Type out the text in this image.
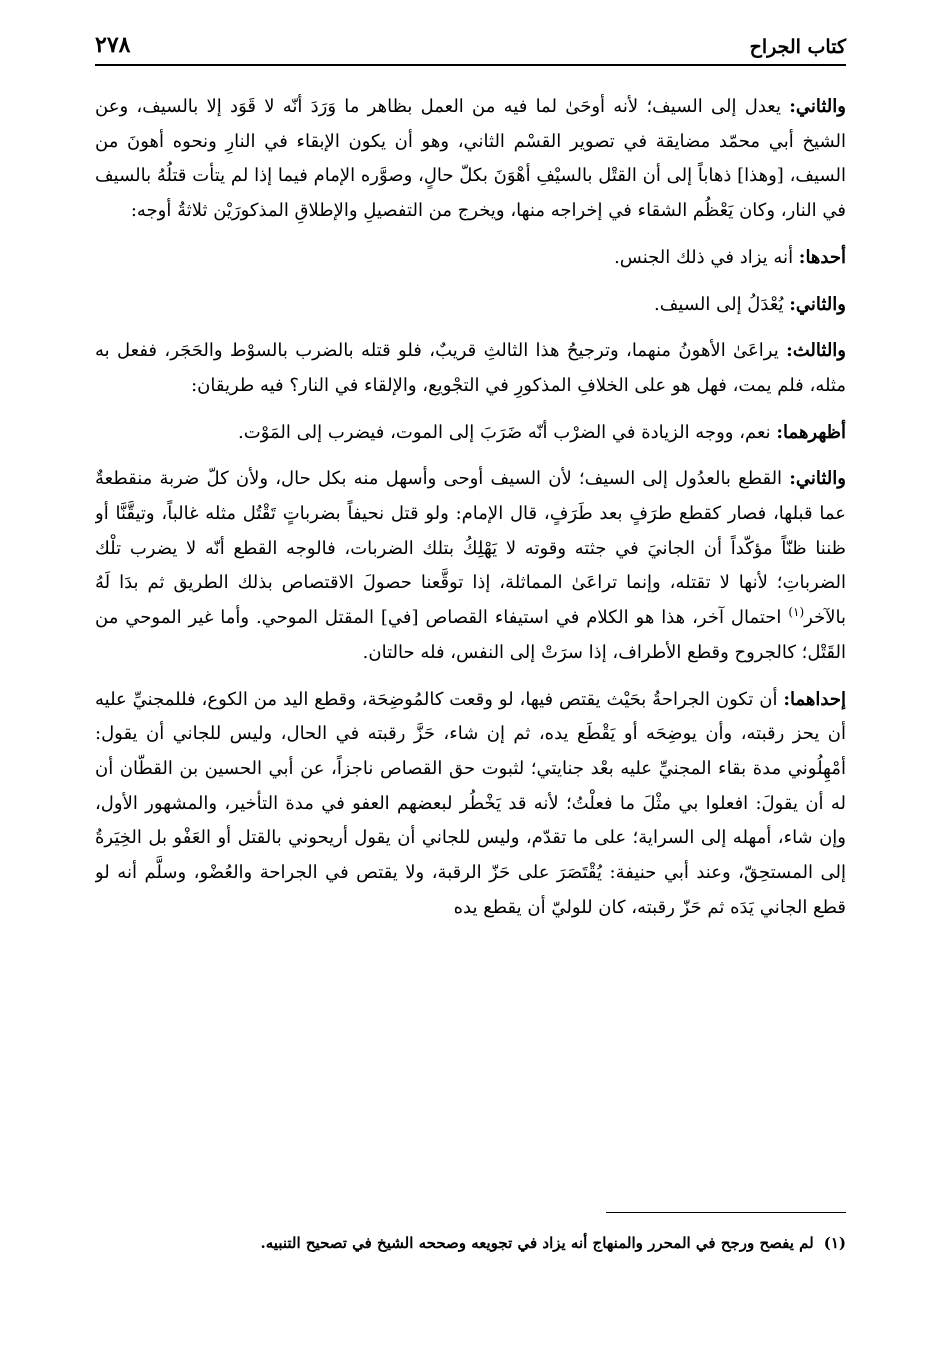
كتاب الجراح
٢٧٨

والثاني: يعدل إلى السيف؛ لأنه أوحَىٰ لما فيه من العمل بظاهر ما وَرَدَ أنّه لا قَوَد إلا بالسيف، وعن الشيخ أبي محمّد مضايقة في تصوير القسْم الثاني، وهو أن يكون الإبقاء في النارِ ونحوه أهونَ من السيف، [وهذا] ذهاباً إلى أن القتْل بالسيْفِ أهْوَنَ بكلّ حالٍ، وصوَّره الإمام فيما إذا لم يتأت قتلُهُ بالسيف في النار، وكان يَعْظُم الشقاء في إخراجه منها، ويخرج من التفصيلِ والإطلاقِ المذكورَيْن ثلاثةُ أوجه:

أحدها: أنه يزاد في ذلك الجنس.

والثاني: يُعْدَلُ إلى السيف.

والثالث: يراعَىٰ الأهونُ منهما، وترجيحُ هذا الثالثِ قريبٌ، فلو قتله بالضرب بالسوْط والحَجَر، ففعل به مثله، فلم يمت، فهل هو على الخلافِ المذكورِ في التجْويع، والإلقاء في النار؟ فيه طريقان:

أظهرهما: نعم، ووجه الزيادة في الضرْب أنّه ضَرَبَ إلى الموت، فيضرب إلى المَوْت.

والثاني: القطع بالعدُول إلى السيف؛ لأن السيف أوحى وأسهل منه بكل حال، ولأن كلّ ضربة منقطعةٌ عما قبلها، فصار كقطع طرَفٍ بعد طَرَفٍ، قال الإمام: ولو قتل نحيفاً بضرباتٍ تَقْتُل مثله غالباً، وتيقَّنَّا أو ظننا ظنّاً مؤكّداً أن الجانيَ في جثته وقوته لا يَهْلِكُ بتلك الضربات، فالوجه القطع أنّه لا يضرب تلْك الضرباتِ؛ لأنها لا تقتله، وإنما تراعَىٰ المماثلة، إذا توقَّعنا حصولَ الاقتصاص بذلك الطريق ثم بدَا لَهُ بالآخر$^{(١)}$ احتمال آخر، هذا هو الكلام في استيفاء القصاص [في] المقتل الموحي. وأما غير الموحي من القَتْل؛ كالجروح وقطع الأطراف، إذا سرَتْ إلى النفس، فله حالتان.

إحداهما: أن تكون الجراحةُ بحَيْث يقتص فيها، لو وقعت كالمُوضِحَة، وقطع اليد من الكوع، فللمجنيِّ عليه أن يحز رقبته، وأن يوضِحَه أو يَقْطَع يده، ثم إن شاء، حَزَّ رقبته في الحال، وليس للجاني أن يقول: أمْهِلُوني مدة بقاء المجنيِّ عليه بعْد جنايتي؛ لثبوت حق القصاص ناجزاً، عن أبي الحسين بن القطّان أن له أن يقولَ: افعلوا بي مثْلَ ما فعلْتُ؛ لأنه قد يَخْطُر لبعضهم العفو في مدة التأخير، والمشهور الأول، وإن شاء، أمهله إلى السراية؛ على ما تقدّم، وليس للجاني أن يقول أريحوني بالقتل أو العَفْو بل الخِيَرةُ إلى المستحِقّ، وعند أبي حنيفة: يُقْتَصَرَ على حَزّ الرقبة، ولا يقتص في الجراحة والعُضْو، وسلَّم أنه لو قطع الجاني يَدَه ثم حَزّ رقبته، كان للوليّ أن يقطع يده

(١)لم يفصح ورجح في المحرر والمنهاج أنه يزاد في تجويعه وصححه الشيخ في تصحيح التنبيه.
